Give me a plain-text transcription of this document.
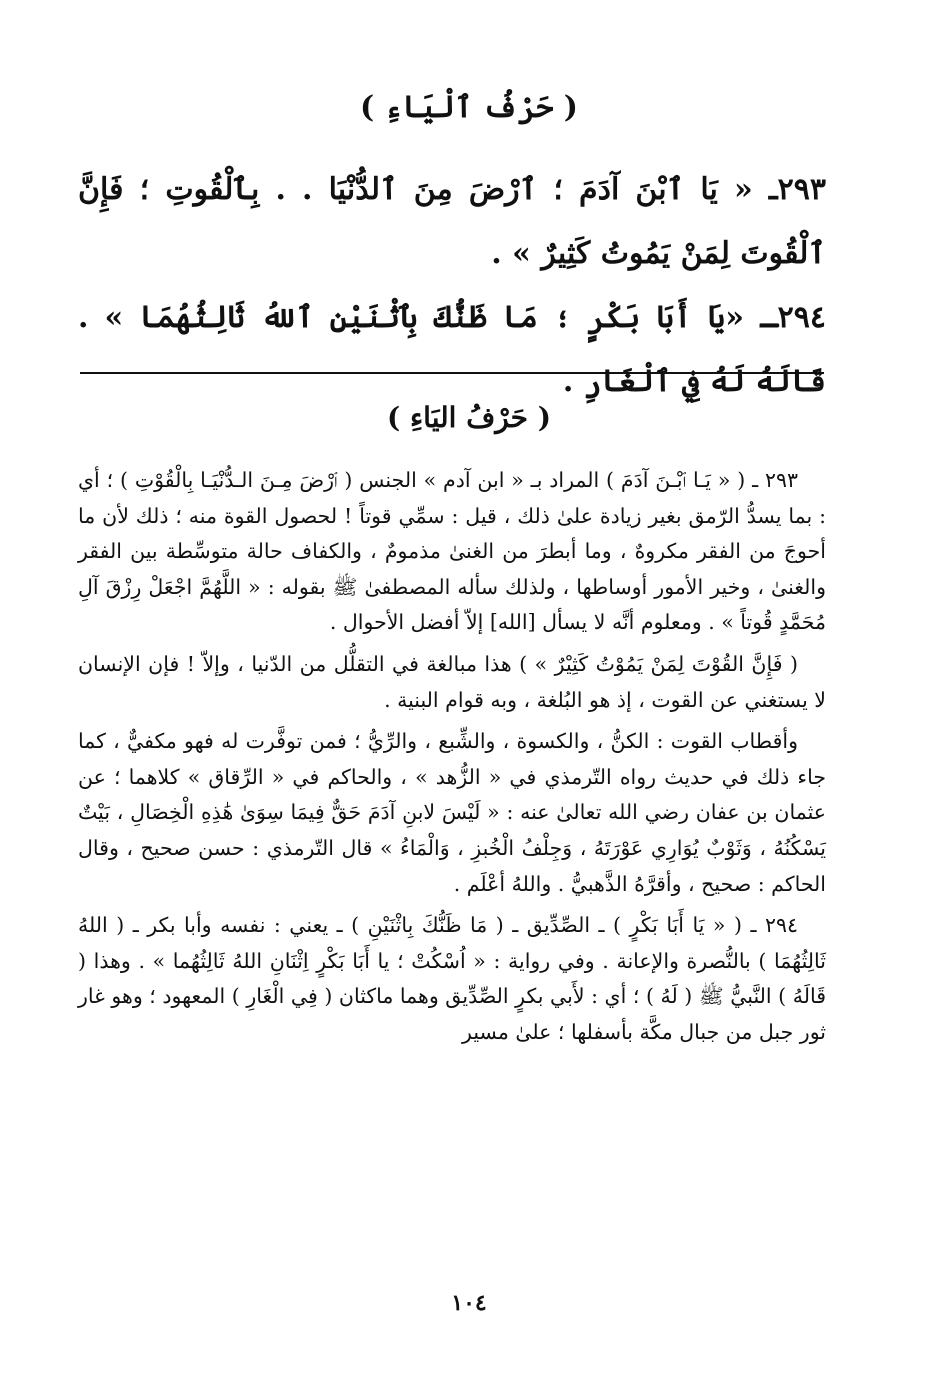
( حَرْفُ ٱلْيَاءِ )

٢٩٣ـ « يَا ٱبْنَ آدَمَ ؛ ٱرْضَ مِنَ ٱلدُّنْيَا . . بِٱلْقُوتِ ؛ فَإِنَّ ٱلْقُوتَ لِمَنْ يَمُوتُ كَثِيرٌ » .

٢٩٤ـ «يَا أَبَا بَكْرٍ ؛ مَا ظَنُّكَ بِٱثْنَيْنِ ٱللهُ ثَالِثُهُمَا » . قَالَهُ لَهُ فِي ٱلْغَارِ .

( حَرْفُ اليَاءِ )

٢٩٣ ـ ( « يَـا ٱبْـنَ آدَمَ ) المراد بـ « ابن آدم » الجنس ( ٱرْضَ مِـنَ الـدُّنْيَـا بِالْقُوْتِ ) ؛ أي : بما يسدُّ الرّمق بغير زيادة علىٰ ذلك ، قيل : سمِّي قوتاً ! لحصول القوة منه ؛ ذلك لأن ما أحوجَ من الفقر مكروهٌ ، وما أبطرَ من الغنىٰ مذمومٌ ، والكفاف حالة متوسِّطة بين الفقر والغنىٰ ، وخير الأمور أوساطها ، ولذلك سأله المصطفىٰ ﷺ بقوله : « اللَّهُمَّ اجْعَلْ رِزْقَ آلِ مُحَمَّدٍ قُوتاً » . ومعلوم أنَّه لا يسأل [الله] إلاّ أفضل الأحوال .

( فَإِنَّ القُوْتَ لِمَنْ يَمُوْتُ كَثِيْرٌ » ) هذا مبالغة في التقلُّل من الدّنيا ، وإلاّ ! فإن الإنسان لا يستغني عن القوت ، إذ هو البُلغة ، وبه قوام البنية .

وأقطاب القوت : الكنُّ ، والكسوة ، والشِّبع ، والرِّيُّ ؛ فمن توفَّرت له فهو مكفيٌّ ، كما جاء ذلك في حديث رواه التّرمذي في « الزُّهد » ، والحاكم في « الرِّقاق » كلاهما ؛ عن عثمان بن عفان رضي الله تعالىٰ عنه : « لَيْسَ لابنِ آدَمَ حَقٌّ فِيمَا سِوَىٰ هَٰذِهِ الْخِصَالِ ، بَيْتٌ يَسْكُنُهُ ، وَثَوْبٌ يُوَارِي عَوْرَتَهُ ، وَجِلْفُ الْخُبزِ ، وَالْمَاءُ » قال التّرمذي : حسن صحيح ، وقال الحاكم : صحيح ، وأقرَّهُ الذَّهبيُّ . واللهُ أعْلَم .

٢٩٤ ـ ( « يَا أَبَا بَكْرٍ ) ـ الصِّدِّيق ـ ( مَا ظَنُّكَ بِاثْنَيْنِ ) ـ يعني : نفسه وأبا بكر ـ ( اللهُ ثَالِثُهُمَا ) بالنُّصرة والإعانة . وفي رواية : « اُسْكُتْ ؛ يا أَبَا بَكْرٍ اِثْنَانِ اللهُ ثَالِثُهُما » . وهذا ( قَالَهُ ) النَّبيُّ ﷺ ( لَهُ ) ؛ أي : لأَبي بكرٍ الصِّدِّيق وهما ماكثان ( فِي الْغَارِ ) المعهود ؛ وهو غار ثور جبل من جبال مكَّة بأسفلها ؛ علىٰ مسير

١٠٤
